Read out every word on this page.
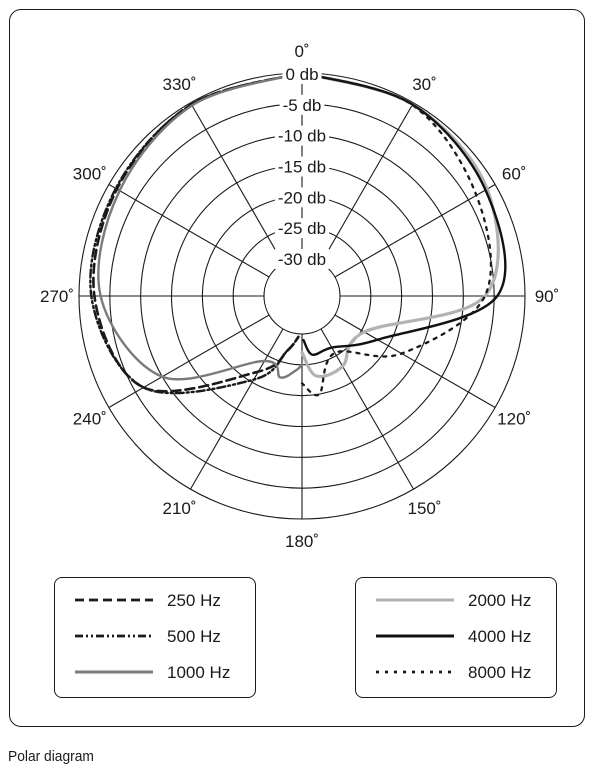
0 db
-5 db
-10 db
-15 db
-20 db
-25 db
-30 db
0˚
30˚
60˚
90˚
120˚
150˚
180˚
210˚
240˚
270˚
300˚
330˚
250 Hz
500 Hz
1000 Hz
2000 Hz
4000 Hz
8000 Hz
Polar diagram
